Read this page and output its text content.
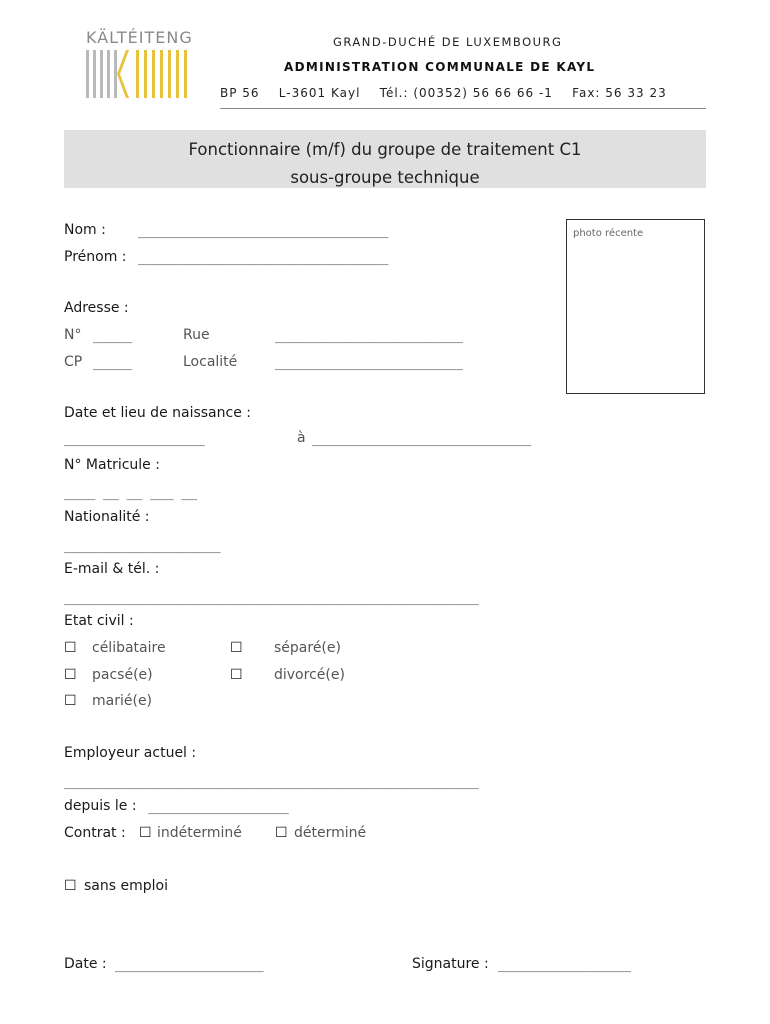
KÄLTÉITENG	GRAND-DUCHÉ DE LUXEMBOURG
ADMINISTRATION COMMUNALE DE KAYL
BP 56    L-3601 Kayl    Tél.: (00352) 56 66 66 -1    Fax: 56 33 23
Fonctionnaire (m/f) du groupe de traitement C1
sous-groupe technique
photo récente
Nom : ________________________________
Prénom : ________________________________
Adresse :
N° _____	Rue	________________________
CP _____	Localité	________________________
Date et lieu de naissance :
__________________	à ____________________________
N° Matricule :
____ __ __ ___ __
Nationalité :
____________________
E-mail & tél. :
_____________________________________________________
Etat civil :
☐ célibataire	☐ séparé(e)
☐ pacsé(e)	☐ divorcé(e)
☐ marié(e)
Employeur actuel :
_____________________________________________________
depuis le : __________________
Contrat : ☐ indéterminé ☐ déterminé
☐ sans emploi
Date : ___________________	Signature : _________________
